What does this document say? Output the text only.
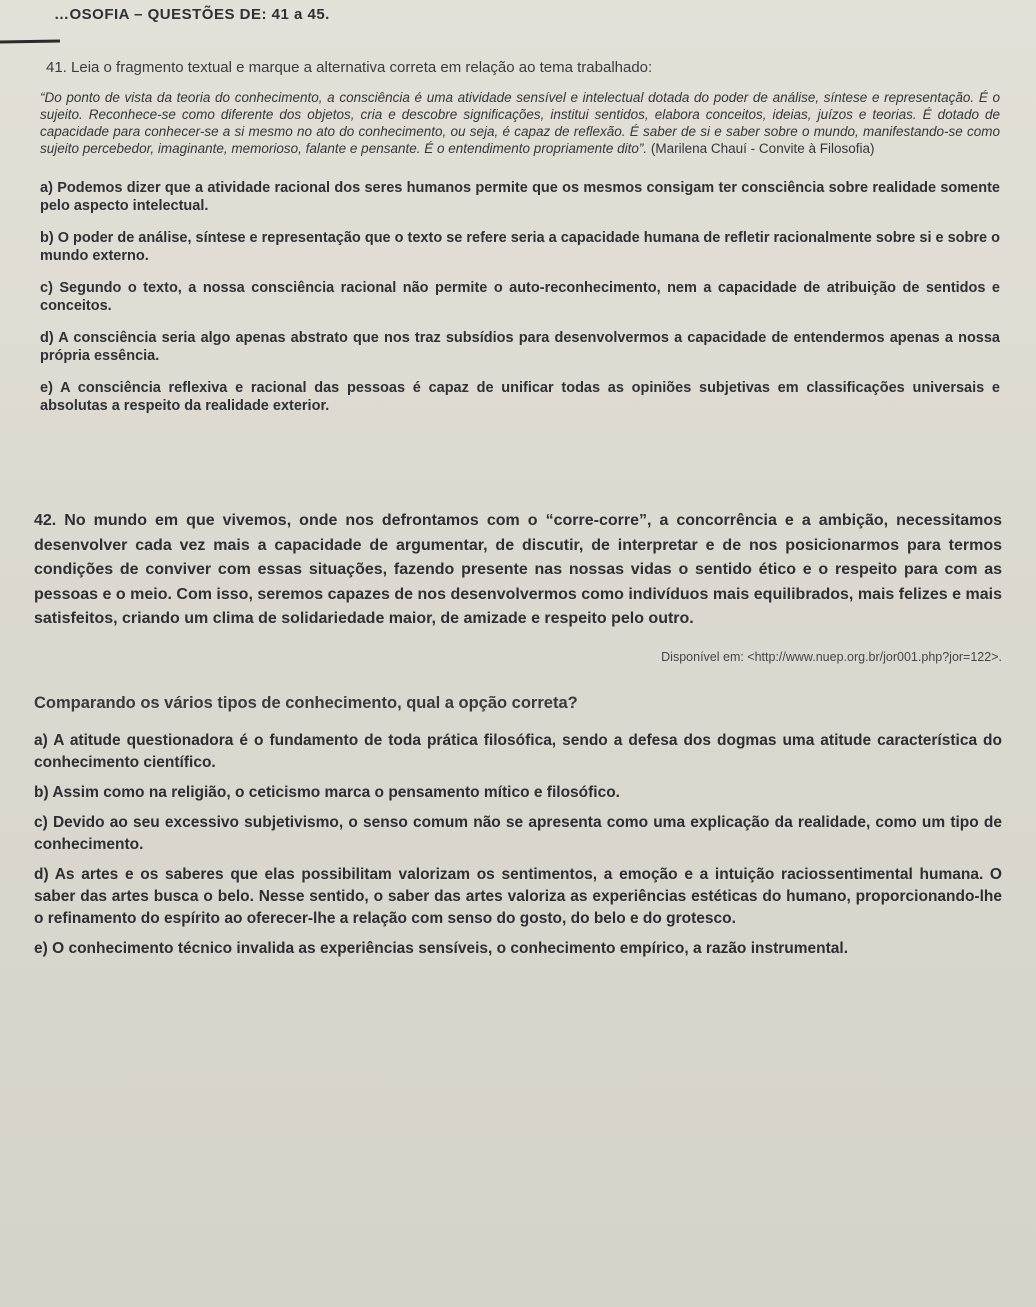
…OSOFIA – QUESTÕES DE: 41 a 45.

41. Leia o fragmento textual e marque a alternativa correta em relação ao tema trabalhado:

“Do ponto de vista da teoria do conhecimento, a consciência é uma atividade sensível e intelectual dotada do poder de análise, síntese e representação. É o sujeito. Reconhece-se como diferente dos objetos, cria e descobre significações, institui sentidos, elabora conceitos, ideias, juízos e teorias. É dotado de capacidade para conhecer-se a si mesmo no ato do conhecimento, ou seja, é capaz de reflexão. É saber de si e saber sobre o mundo, manifestando-se como sujeito percebedor, imaginante, memorioso, falante e pensante. É o entendimento propriamente dito”. (Marilena Chauí - Convite à Filosofia)

a) Podemos dizer que a atividade racional dos seres humanos permite que os mesmos consigam ter consciência sobre realidade somente pelo aspecto intelectual.

b) O poder de análise, síntese e representação que o texto se refere seria a capacidade humana de refletir racionalmente sobre si e sobre o mundo externo.

c) Segundo o texto, a nossa consciência racional não permite o auto-reconhecimento, nem a capacidade de atribuição de sentidos e conceitos.

d) A consciência seria algo apenas abstrato que nos traz subsídios para desenvolvermos a capacidade de entendermos apenas a nossa própria essência.

e) A consciência reflexiva e racional das pessoas é capaz de unificar todas as opiniões subjetivas em classificações universais e absolutas a respeito da realidade exterior.

42. No mundo em que vivemos, onde nos defrontamos com o “corre-corre”, a concorrência e a ambição, necessitamos desenvolver cada vez mais a capacidade de argumentar, de discutir, de interpretar e de nos posicionarmos para termos condições de conviver com essas situações, fazendo presente nas nossas vidas o sentido ético e o respeito para com as pessoas e o meio. Com isso, seremos capazes de nos desenvolvermos como indivíduos mais equilibrados, mais felizes e mais satisfeitos, criando um clima de solidariedade maior, de amizade e respeito pelo outro.

Disponível em: <http://www.nuep.org.br/jor001.php?jor=122>.

Comparando os vários tipos de conhecimento, qual a opção correta?

a) A atitude questionadora é o fundamento de toda prática filosófica, sendo a defesa dos dogmas uma atitude característica do conhecimento científico.

b) Assim como na religião, o ceticismo marca o pensamento mítico e filosófico.

c) Devido ao seu excessivo subjetivismo, o senso comum não se apresenta como uma explicação da realidade, como um tipo de conhecimento.

d) As artes e os saberes que elas possibilitam valorizam os sentimentos, a emoção e a intuição raciossentimental humana. O saber das artes busca o belo. Nesse sentido, o saber das artes valoriza as experiências estéticas do humano, proporcionando-lhe o refinamento do espírito ao oferecer-lhe a relação com senso do gosto, do belo e do grotesco.

e) O conhecimento técnico invalida as experiências sensíveis, o conhecimento empírico, a razão instrumental.
